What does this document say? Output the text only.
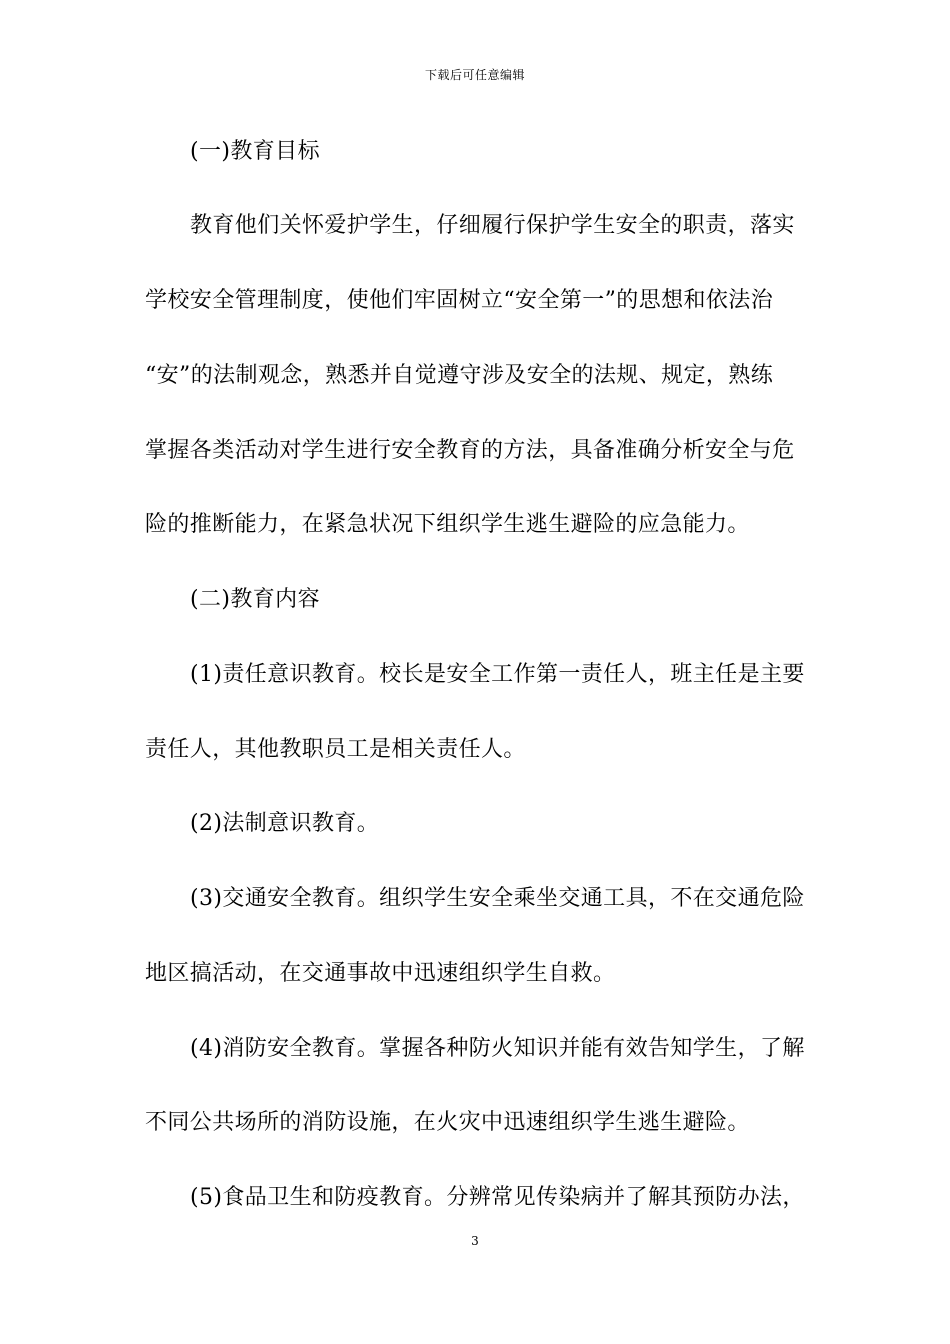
下载后可任意编辑
(一)教育目标
教育他们关怀爱护学生，仔细履行保护学生安全的职责，落实
学校安全管理制度，使他们牢固树立“安全第一”的思想和依法治
“安”的法制观念，熟悉并自觉遵守涉及安全的法规、规定，熟练
掌握各类活动对学生进行安全教育的方法，具备准确分析安全与危
险的推断能力，在紧急状况下组织学生逃生避险的应急能力。
(二)教育内容
(1)责任意识教育。校长是安全工作第一责任人，班主任是主要
责任人，其他教职员工是相关责任人。
(2)法制意识教育。
(3)交通安全教育。组织学生安全乘坐交通工具，不在交通危险
地区搞活动，在交通事故中迅速组织学生自救。
(4)消防安全教育。掌握各种防火知识并能有效告知学生，了解
不同公共场所的消防设施，在火灾中迅速组织学生逃生避险。
(5)食品卫生和防疫教育。分辨常见传染病并了解其预防办法，
3
